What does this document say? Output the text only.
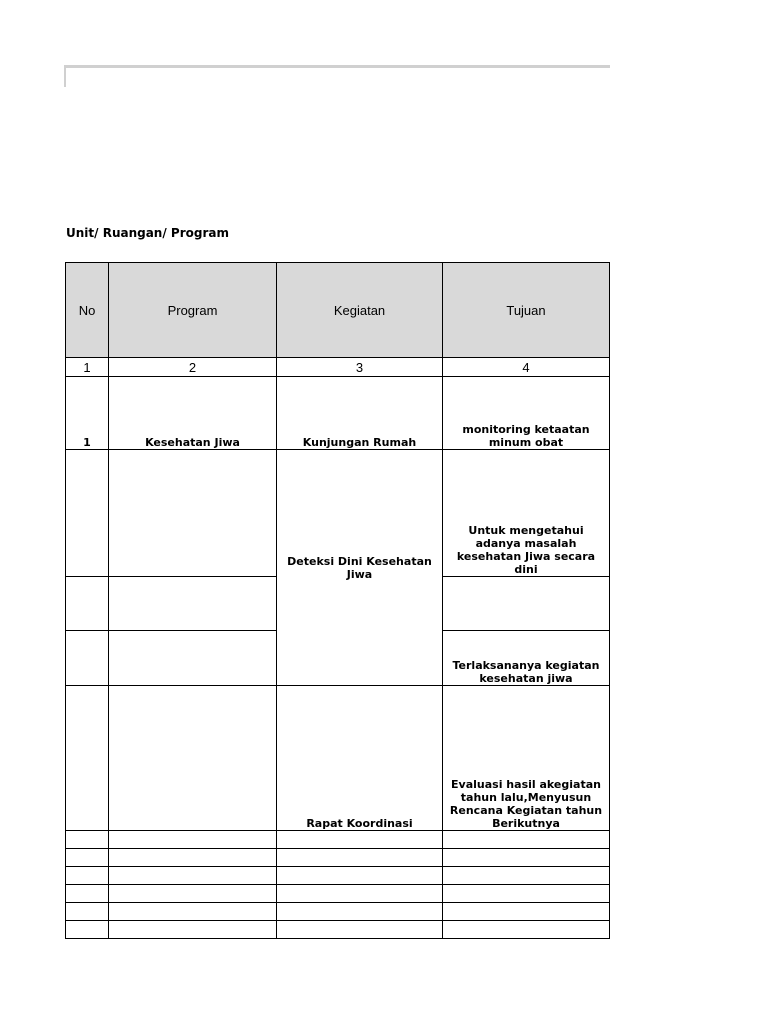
Unit/ Ruangan/ Program
No	Program	Kegiatan	Tujuan
1	2	3	4
1	Kesehatan Jiwa	Kunjungan Rumah	monitoring ketaatan minum obat
		Deteksi Dini Kesehatan Jiwa	Untuk mengetahui adanya masalah kesehatan Jiwa secara dini

			Terlaksananya kegiatan kesehatan jiwa
		Rapat Koordinasi	Evaluasi hasil akegiatan tahun lalu,Menyusun Rencana Kegiatan tahun Berikutnya
